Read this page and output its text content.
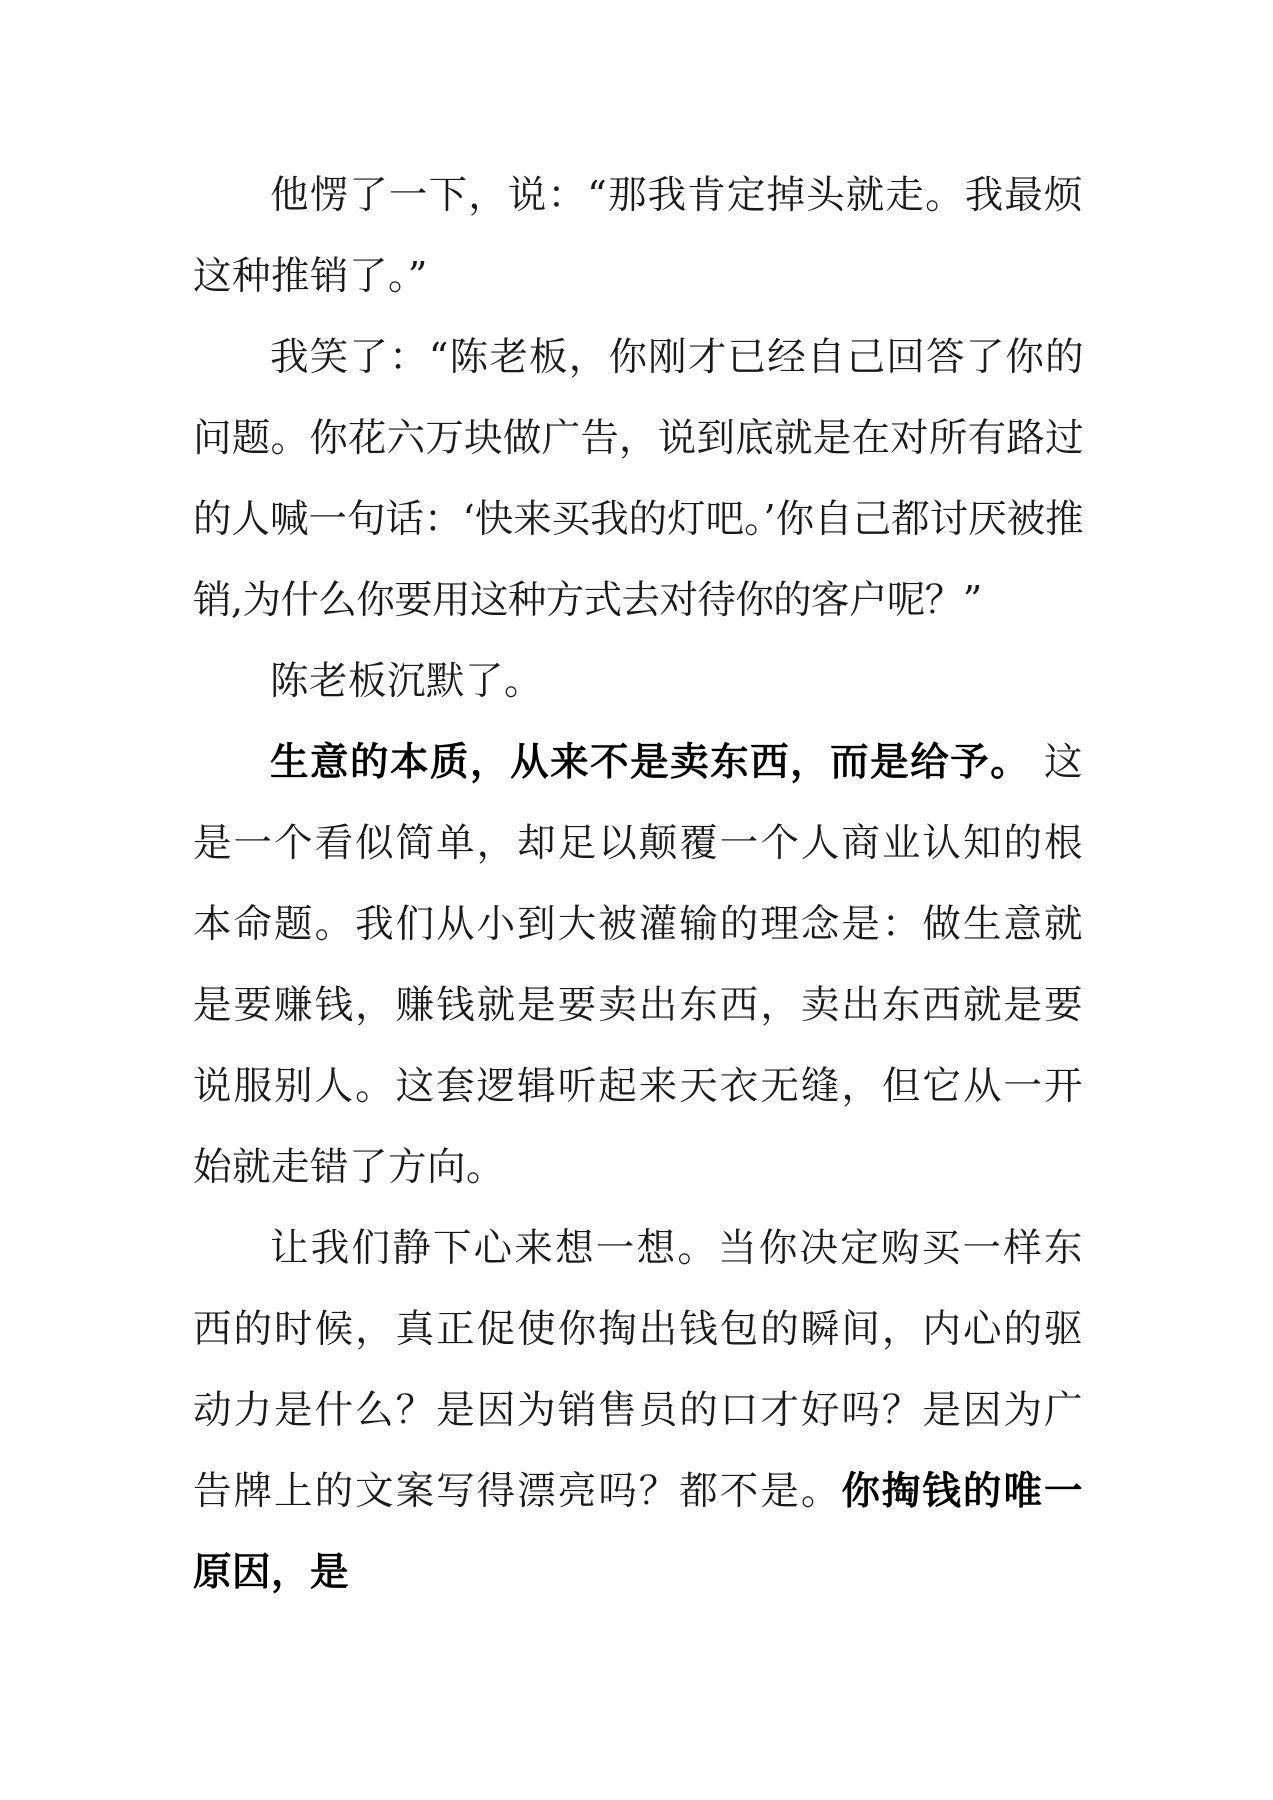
他愣了一下，说：“那我肯定掉头就走。我最烦这种推销了。”

我笑了：“陈老板，你刚才已经自己回答了你的问题。你花六万块做广告，说到底就是在对所有路过的人喊一句话：‘快来买我的灯吧。’你自己都讨厌被推销,为什么你要用这种方式去对待你的客户呢？”

陈老板沉默了。

生意的本质，从来不是卖东西，而是给予。 这是一个看似简单，却足以颠覆一个人商业认知的根本命题。我们从小到大被灌输的理念是：做生意就是要赚钱，赚钱就是要卖出东西，卖出东西就是要说服别人。这套逻辑听起来天衣无缝，但它从一开始就走错了方向。

让我们静下心来想一想。当你决定购买一样东西的时候，真正促使你掏出钱包的瞬间，内心的驱动力是什么？是因为销售员的口才好吗？是因为广告牌上的文案写得漂亮吗？都不是。你掏钱的唯一原因，是
